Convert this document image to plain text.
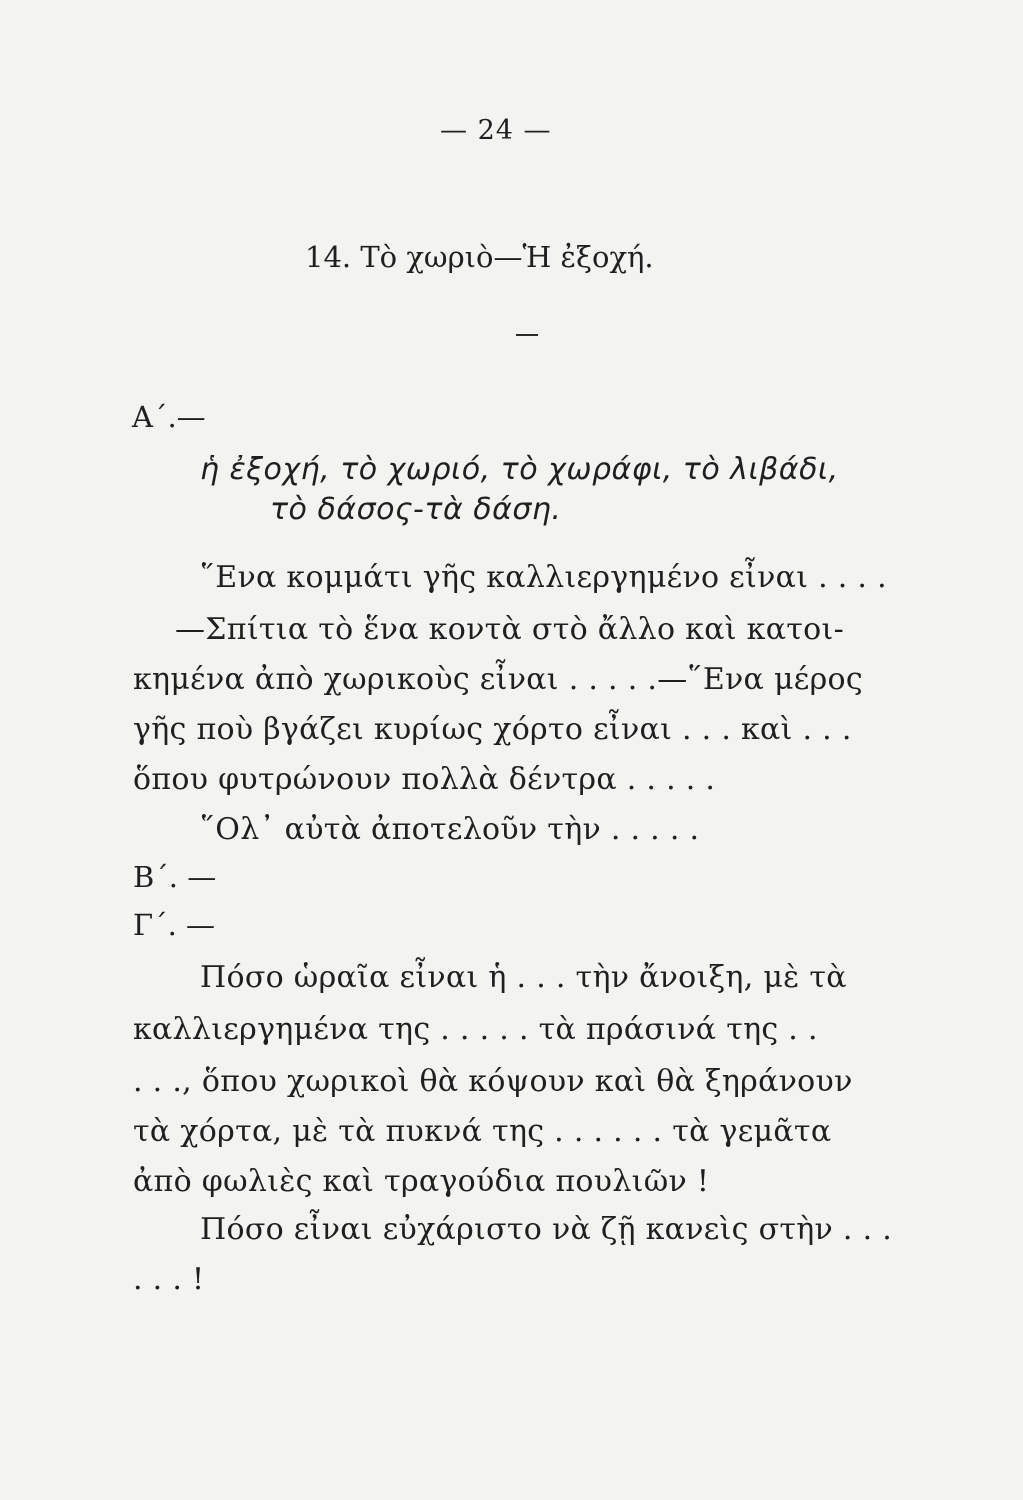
— 24 —
14. Τὸ χωριὸ—Ἡ ἐξοχή.
Α΄.—
ἡ ἐξοχή, τὸ χωριό, τὸ χωράφι, τὸ λιβάδι,
τὸ δάσος-τὰ δάση.
῞Ενα κομμάτι γῆς καλλιεργημένο εἶναι . . . .
—Σπίτια τὸ ἕνα κοντὰ στὸ ἄλλο καὶ κατοι-
κημένα ἀπὸ χωρικοὺς εἶναι . . . . .—῞Ενα μέρος
γῆς ποὺ βγάζει κυρίως χόρτο εἶναι . . . καὶ . . .
ὅπου φυτρώνουν πολλὰ δέντρα . . . . .
῞Ολ᾽ αὐτὰ ἀποτελοῦν τὴν . . . . .
Β΄. —
Γ΄. —
Πόσο ὡραῖα εἶναι ἡ . . . τὴν ἄνοιξη, μὲ τὰ
καλλιεργημένα της . . . . . τὰ πράσινά της . .
. . ., ὅπου χωρικοὶ θὰ κόψουν καὶ θὰ ξηράνουν
τὰ χόρτα, μὲ τὰ πυκνά της . . . . . . τὰ γεμᾶτα
ἀπὸ φωλιὲς καὶ τραγούδια πουλιῶν !
Πόσο εἶναι εὐχάριστο νὰ ζῇ κανεὶς στὴν . . .
. . . !
